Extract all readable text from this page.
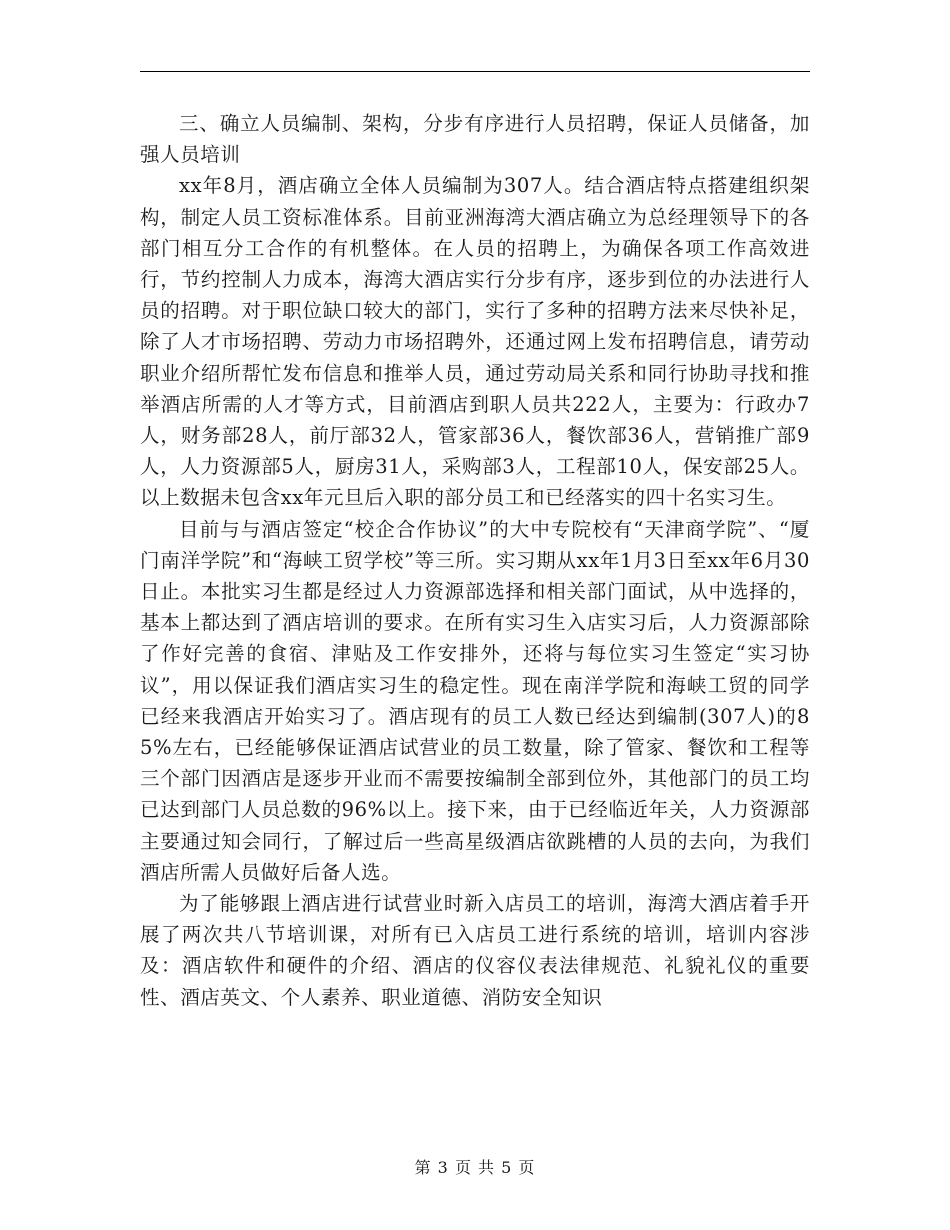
三、确立人员编制、架构，分步有序进行人员招聘，保证人员储备，加强人员培训

xx年8月，酒店确立全体人员编制为307人。结合酒店特点搭建组织架构，制定人员工资标准体系。目前亚洲海湾大酒店确立为总经理领导下的各部门相互分工合作的有机整体。在人员的招聘上，为确保各项工作高效进行，节约控制人力成本，海湾大酒店实行分步有序，逐步到位的办法进行人员的招聘。对于职位缺口较大的部门，实行了多种的招聘方法来尽快补足，除了人才市场招聘、劳动力市场招聘外，还通过网上发布招聘信息，请劳动职业介绍所帮忙发布信息和推举人员，通过劳动局关系和同行协助寻找和推举酒店所需的人才等方式，目前酒店到职人员共222人，主要为：行政办7人，财务部28人，前厅部32人，管家部36人，餐饮部36人，营销推广部9人，人力资源部5人，厨房31人，采购部3人，工程部10人，保安部25人。以上数据未包含xx年元旦后入职的部分员工和已经落实的四十名实习生。

目前与与酒店签定“校企合作协议”的大中专院校有“天津商学院”、“厦门南洋学院”和“海峡工贸学校”等三所。实习期从xx年1月3日至xx年6月30日止。本批实习生都是经过人力资源部选择和相关部门面试，从中选择的，基本上都达到了酒店培训的要求。在所有实习生入店实习后，人力资源部除了作好完善的食宿、津贴及工作安排外，还将与每位实习生签定“实习协议”，用以保证我们酒店实习生的稳定性。现在南洋学院和海峡工贸的同学已经来我酒店开始实习了。酒店现有的员工人数已经达到编制(307人)的85%左右，已经能够保证酒店试营业的员工数量，除了管家、餐饮和工程等三个部门因酒店是逐步开业而不需要按编制全部到位外，其他部门的员工均已达到部门人员总数的96%以上。接下来，由于已经临近年关，人力资源部主要通过知会同行，了解过后一些高星级酒店欲跳槽的人员的去向，为我们酒店所需人员做好后备人选。

为了能够跟上酒店进行试营业时新入店员工的培训，海湾大酒店着手开展了两次共八节培训课，对所有已入店员工进行系统的培训，培训内容涉及：酒店软件和硬件的介绍、酒店的仪容仪表法律规范、礼貌礼仪的重要性、酒店英文、个人素养、职业道德、消防安全知识

第 3 页 共 5 页
